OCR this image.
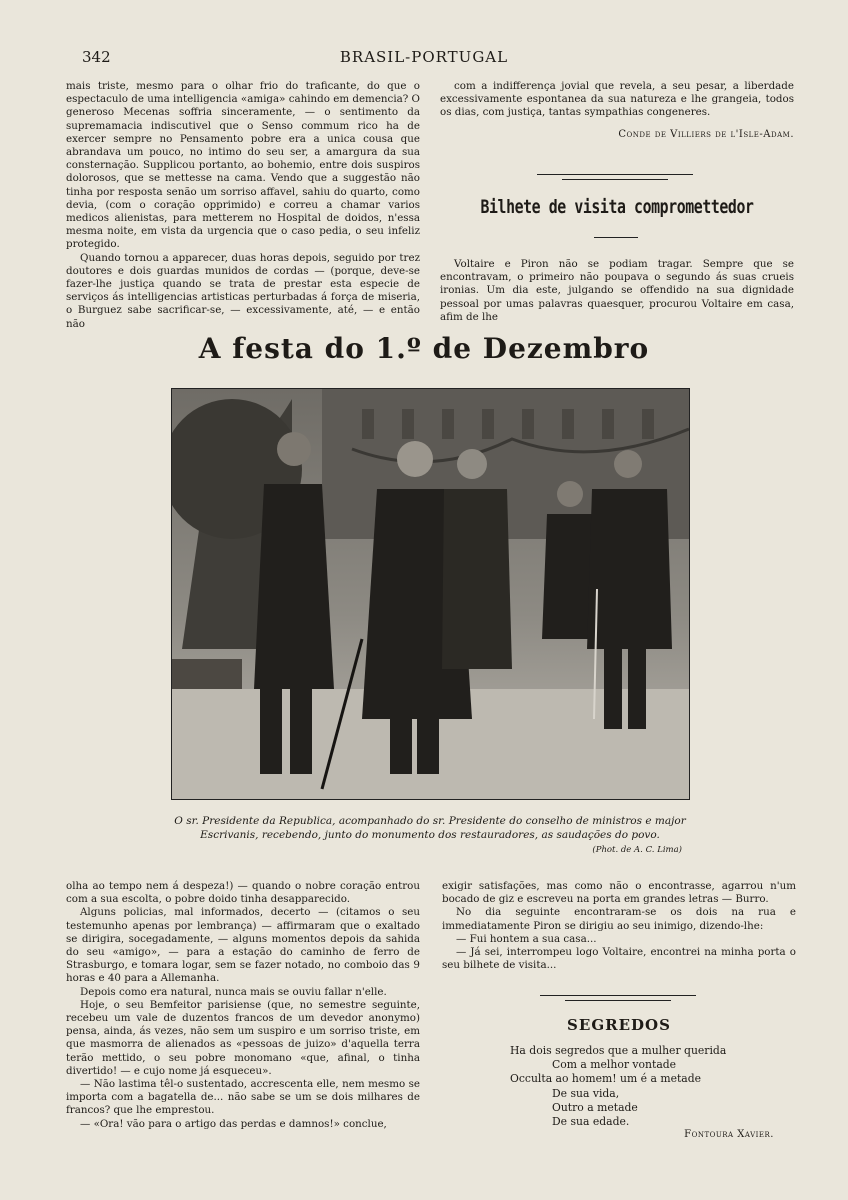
342	BRASIL-PORTUGAL

mais triste, mesmo para o olhar frio do traficante, do que o espectaculo de uma intelligencia «amiga» cahindo em demencia? O generoso Mecenas soffria sinceramente, — o sentimento da supremamacia indiscutivel que o Senso commum rico ha de exercer sempre no Pensamento pobre era a unica cousa que abrandava um pouco, no intimo do seu ser, a amargura da sua consternação. Supplicou portanto, ao bohemio, entre dois suspiros dolorosos, que se mettesse na cama. Vendo que a suggestão não tinha por resposta senão um sorriso affavel, sahiu do quarto, como devia, (com o coração opprimido) e correu a chamar varios medicos alienistas, para metterem no Hospital de doidos, n'essa mesma noite, em vista da urgencia que o caso pedia, o seu infeliz protegido.

Quando tornou a apparecer, duas horas depois, seguido por trez doutores e dois guardas munidos de cordas — (porque, deve-se fazer-lhe justiça quando se trata de prestar esta especie de serviços ás intelligencias artisticas perturbadas á força de miseria, o Burguez sabe sacrificar-se, — excessivamente, até, — e então não

com a indifferença jovial que revela, a seu pesar, a liberdade excessivamente espontanea da sua natureza e lhe grangeia, todos os dias, com justiça, tantas sympathias congeneres.

Conde de Villiers de l'Isle-Adam.

Bilhete de visita compromettedor

Voltaire e Piron não se podiam tragar. Sempre que se encontravam, o primeiro não poupava o segundo ás suas crueis ironias. Um dia este, julgando se offendido na sua dignidade pessoal por umas palavras quaesquer, procurou Voltaire em casa, afim de lhe

A festa do 1.º de Dezembro
O sr. Presidente da Republica, acompanhado do sr. Presidente do conselho de ministros e major Escrivanis, recebendo, junto do monumento dos restauradores, as saudações do povo.
(Phot. de A. C. Lima)

olha ao tempo nem á despeza!) — quando o nobre coração entrou com a sua escolta, o pobre doido tinha desapparecido.

Alguns policias, mal informados, decerto — (citamos o seu testemunho apenas por lembrança) — affirmaram que o exaltado se dirigira, socegadamente, — alguns momentos depois da sahida do seu «amigo», — para a estação do caminho de ferro de Strasburgo, e tomara logar, sem se fazer notado, no comboio das 9 horas e 40 para a Allemanha.

Depois como era natural, nunca mais se ouviu fallar n'elle.

Hoje, o seu Bemfeitor parisiense (que, no semestre seguinte, recebeu um vale de duzentos francos de um devedor anonymo) pensa, ainda, ás vezes, não sem um suspiro e um sorriso triste, em que masmorra de alienados as «pessoas de juizo» d'aquella terra terão mettido, o seu pobre monomano «que, afinal, o tinha divertido! — e cujo nome já esqueceu».

— Não lastima têl-o sustentado, accrescenta elle, nem mesmo se importa com a bagatella de... não sabe se um se dois milhares de francos? que lhe emprestou.

— «Ora! vão para o artigo das perdas e damnos!» conclue,

exigir satisfações, mas como não o encontrasse, agarrou n'um bocado de giz e escreveu na porta em grandes letras — Burro.

No dia seguinte encontraram-se os dois na rua e immediatamente Piron se dirigiu ao seu inimigo, dizendo-lhe:

— Fui hontem a sua casa...

— Já sei, interrompeu logo Voltaire, encontrei na minha porta o seu bilhete de visita...

SEGREDOS
Ha dois segredos que a mulher querida
Com a melhor vontade
Occulta ao homem! um é a metade
De sua vida,
Outro a metade
De sua edade.
Fontoura Xavier.
